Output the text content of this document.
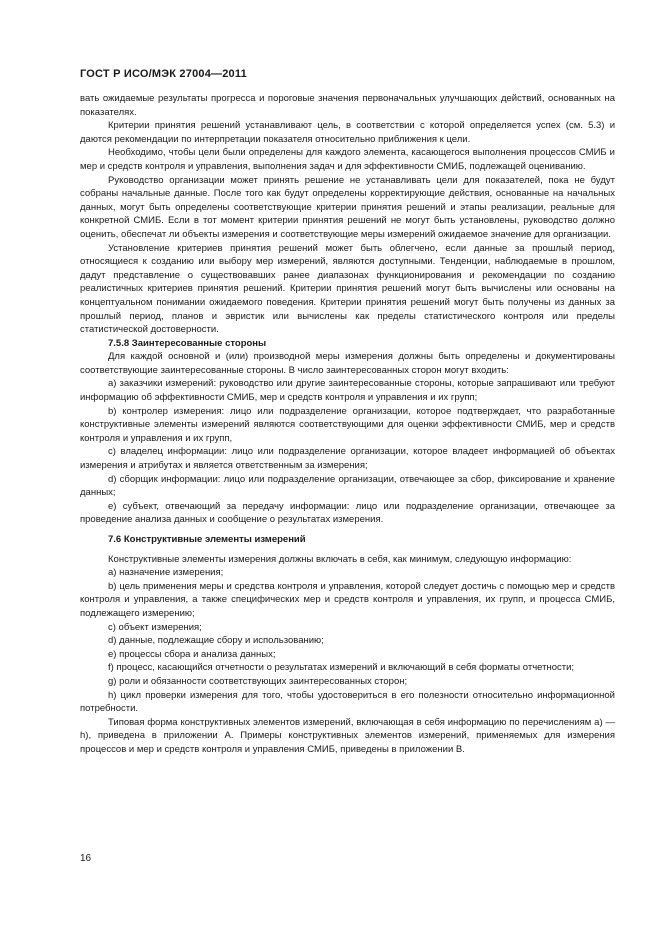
ГОСТ Р ИСО/МЭК 27004—2011

вать ожидаемые результаты прогресса и пороговые значения первоначальных улучшающих действий, основанных на показателях.

Критерии принятия решений устанавливают цель, в соответствии с которой определяется успех (см. 5.3) и даются рекомендации по интерпретации показателя относительно приближения к цели.

Необходимо, чтобы цели были определены для каждого элемента, касающегося выполнения процессов СМИБ и мер и средств контроля и управления, выполнения задач и для эффективности СМИБ, подлежащей оцениванию.

Руководство организации может принять решение не устанавливать цели для показателей, пока не будут собраны начальные данные. После того как будут определены корректирующие действия, основанные на начальных данных, могут быть определены соответствующие критерии принятия решений и этапы реализации, реальные для конкретной СМИБ. Если в тот момент критерии принятия решений не могут быть установлены, руководство должно оценить, обеспечат ли объекты измерения и соответствующие меры измерений ожидаемое значение для организации.

Установление критериев принятия решений может быть облегчено, если данные за прошлый период, относящиеся к созданию или выбору мер измерений, являются доступными. Тенденции, наблюдаемые в прошлом, дадут представление о существовавших ранее диапазонах функционирования и рекомендации по созданию реалистичных критериев принятия решений. Критерии принятия решений могут быть вычислены или основаны на концептуальном понимании ожидаемого поведения. Критерии принятия решений могут быть получены из данных за прошлый период, планов и эвристик или вычислены как пределы статистического контроля или пределы статистической достоверности.

7.5.8 Заинтересованные стороны

Для каждой основной и (или) производной меры измерения должны быть определены и документированы соответствующие заинтересованные стороны. В число заинтересованных сторон могут входить:

a) заказчики измерений: руководство или другие заинтересованные стороны, которые запрашивают или требуют информацию об эффективности СМИБ, мер и средств контроля и управления и их групп;

b) контролер измерения: лицо или подразделение организации, которое подтверждает, что разработанные конструктивные элементы измерений являются соответствующими для оценки эффективности СМИБ, мер и средств контроля и управления и их групп,

c) владелец информации: лицо или подразделение организации, которое владеет информацией об объектах измерения и атрибутах и является ответственным за измерения;

d) сборщик информации: лицо или подразделение организации, отвечающее за сбор, фиксирование и хранение данных;

e) субъект, отвечающий за передачу информации: лицо или подразделение организации, отвечающее за проведение анализа данных и сообщение о результатах измерения.

7.6 Конструктивные элементы измерений

Конструктивные элементы измерения должны включать в себя, как минимум, следующую информацию:

a) назначение измерения;

b) цель применения меры и средства контроля и управления, которой следует достичь с помощью мер и средств контроля и управления, а также специфических мер и средств контроля и управления, их групп, и процесса СМИБ, подлежащего измерению;

c) объект измерения;

d) данные, подлежащие сбору и использованию;

e) процессы сбора и анализа данных;

f) процесс, касающийся отчетности о результатах измерений и включающий в себя форматы отчетности;

g) роли и обязанности соответствующих заинтересованных сторон;

h) цикл проверки измерения для того, чтобы удостовериться в его полезности относительно информационной потребности.

Типовая форма конструктивных элементов измерений, включающая в себя информацию по перечислениям а) — h), приведена в приложении А. Примеры конструктивных элементов измерений, применяемых для измерения процессов и мер и средств контроля и управления СМИБ, приведены в приложении В.

16
